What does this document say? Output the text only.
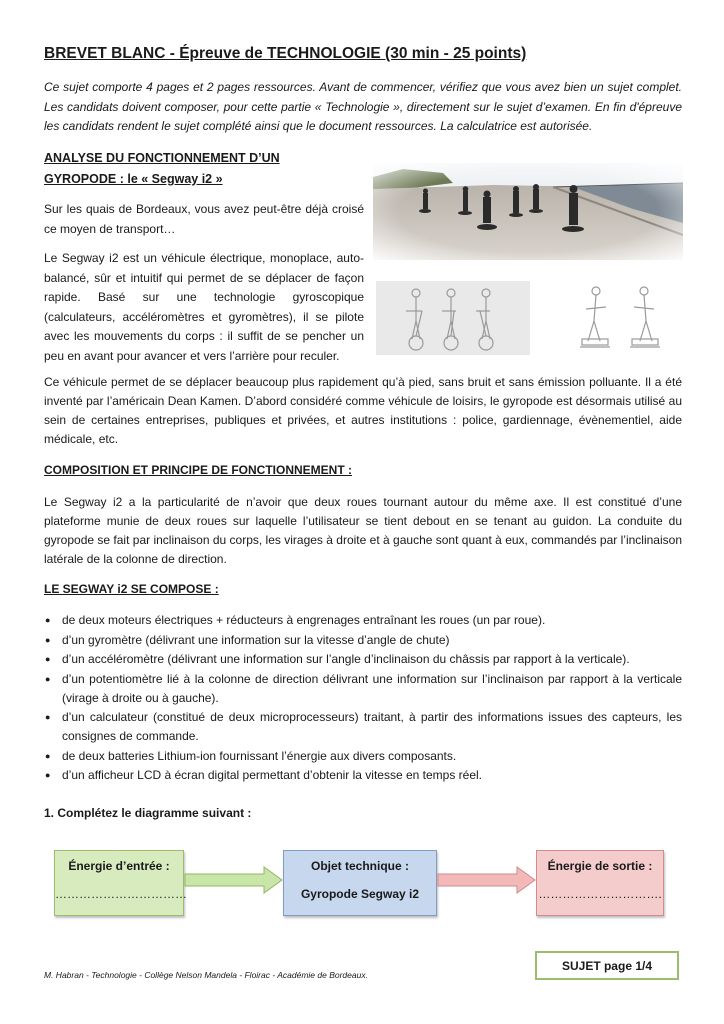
BREVET BLANC - Épreuve de TECHNOLOGIE (30 min - 25 points)
Ce sujet comporte 4 pages et 2 pages ressources. Avant de commencer, vérifiez que vous avez bien un sujet complet. Les candidats doivent composer, pour cette partie « Technologie », directement sur le sujet d’examen. En fin d'épreuve les candidats rendent le sujet complété ainsi que le document ressources. La calculatrice est autorisée.
ANALYSE DU FONCTIONNEMENT D’UN
GYROPODE : le « Segway i2 »
Sur les quais de Bordeaux, vous avez peut-être déjà croisé ce moyen de transport…
Le Segway i2 est un véhicule électrique, monoplace, auto-balancé, sûr et intuitif qui permet de se déplacer de façon rapide. Basé sur une technologie gyroscopique (calculateurs, accéléromètres et gyromètres), il se pilote avec les mouvements du corps : il suffit de se pencher un peu en avant pour avancer et vers l’arrière pour reculer.
Ce véhicule permet de se déplacer beaucoup plus rapidement qu’à pied, sans bruit et sans émission polluante. Il a été inventé par l’américain Dean Kamen. D’abord considéré comme véhicule de loisirs, le gyropode est désormais utilisé au sein de certaines entreprises, publiques et privées, et autres institutions : police, gardiennage, évènementiel, aide médicale, etc.
COMPOSITION ET PRINCIPE DE FONCTIONNEMENT :
Le Segway i2 a la particularité de n’avoir que deux roues tournant autour du même axe. Il est constitué d’une plateforme munie de deux roues sur laquelle l’utilisateur se tient debout en se tenant au guidon. La conduite du gyropode se fait par inclinaison du corps, les virages à droite et à gauche sont quant à eux, commandés par l’inclinaison latérale de la colonne de direction.
LE SEGWAY i2 SE COMPOSE :
● de deux moteurs électriques + réducteurs à engrenages entraînant les roues (un par roue).
● d’un gyromètre (délivrant une information sur la vitesse d’angle de chute)
● d’un accéléromètre (délivrant une information sur l’angle d’inclinaison du châssis par rapport à la verticale).
● d’un potentiomètre lié à la colonne de direction délivrant une information sur l’inclinaison par rapport à la verticale (virage à droite ou à gauche).
● d’un calculateur (constitué de deux microprocesseurs) traitant, à partir des informations issues des capteurs, les consignes de commande.
● de deux batteries Lithium-ion fournissant l’énergie aux divers composants.
● d’un afficheur LCD à écran digital permettant d’obtenir la vitesse en temps réel.
1. Complétez le diagramme suivant :
Énergie d’entrée :
……………………………
Objet technique :
Gyropode Segway i2
Énergie de sortie :
………………………….
SUJET page 1/4
M. Habran - Technologie - Collège Nelson Mandela - Floirac - Académie de Bordeaux.
